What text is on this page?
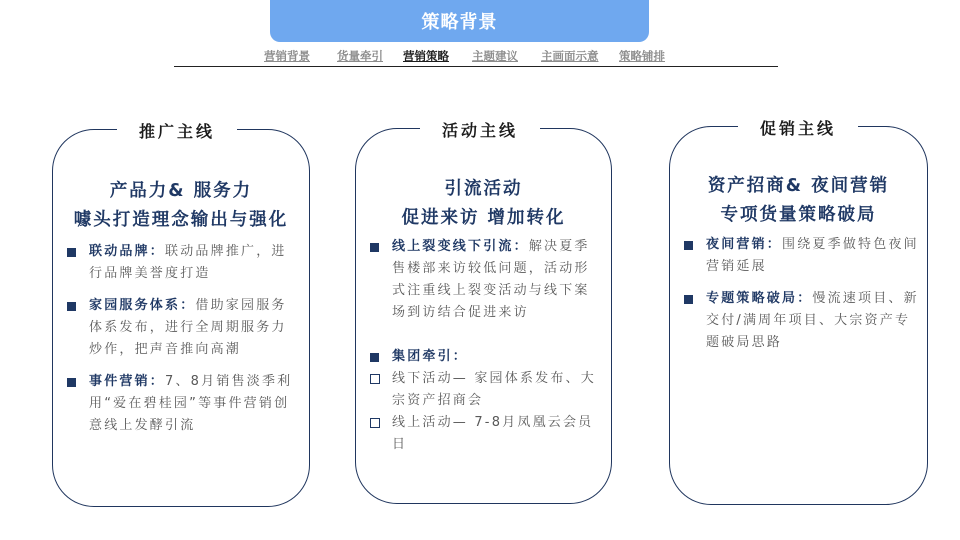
策略背景
营销背景 货量牵引 营销策略 主题建议 主画面示意 策略铺排
推广主线
产品力& 服务力
噱头打造理念输出与强化
联动品牌：联动品牌推广，进行品牌美誉度打造
家园服务体系：借助家园服务体系发布，进行全周期服务力炒作，把声音推向高潮
事件营销：7、8月销售淡季利用“爱在碧桂园”等事件营销创意线上发酵引流
活动主线
引流活动
促进来访 增加转化
线上裂变线下引流：解决夏季售楼部来访较低问题，活动形式注重线上裂变活动与线下案场到访结合促进来访
集团牵引：
线下活动— 家园体系发布、大宗资产招商会
线上活动— 7-8月凤凰云会员日
促销主线
资产招商& 夜间营销
专项货量策略破局
夜间营销：围绕夏季做特色夜间营销延展
专题策略破局：慢流速项目、新交付/满周年项目、大宗资产专题破局思路
